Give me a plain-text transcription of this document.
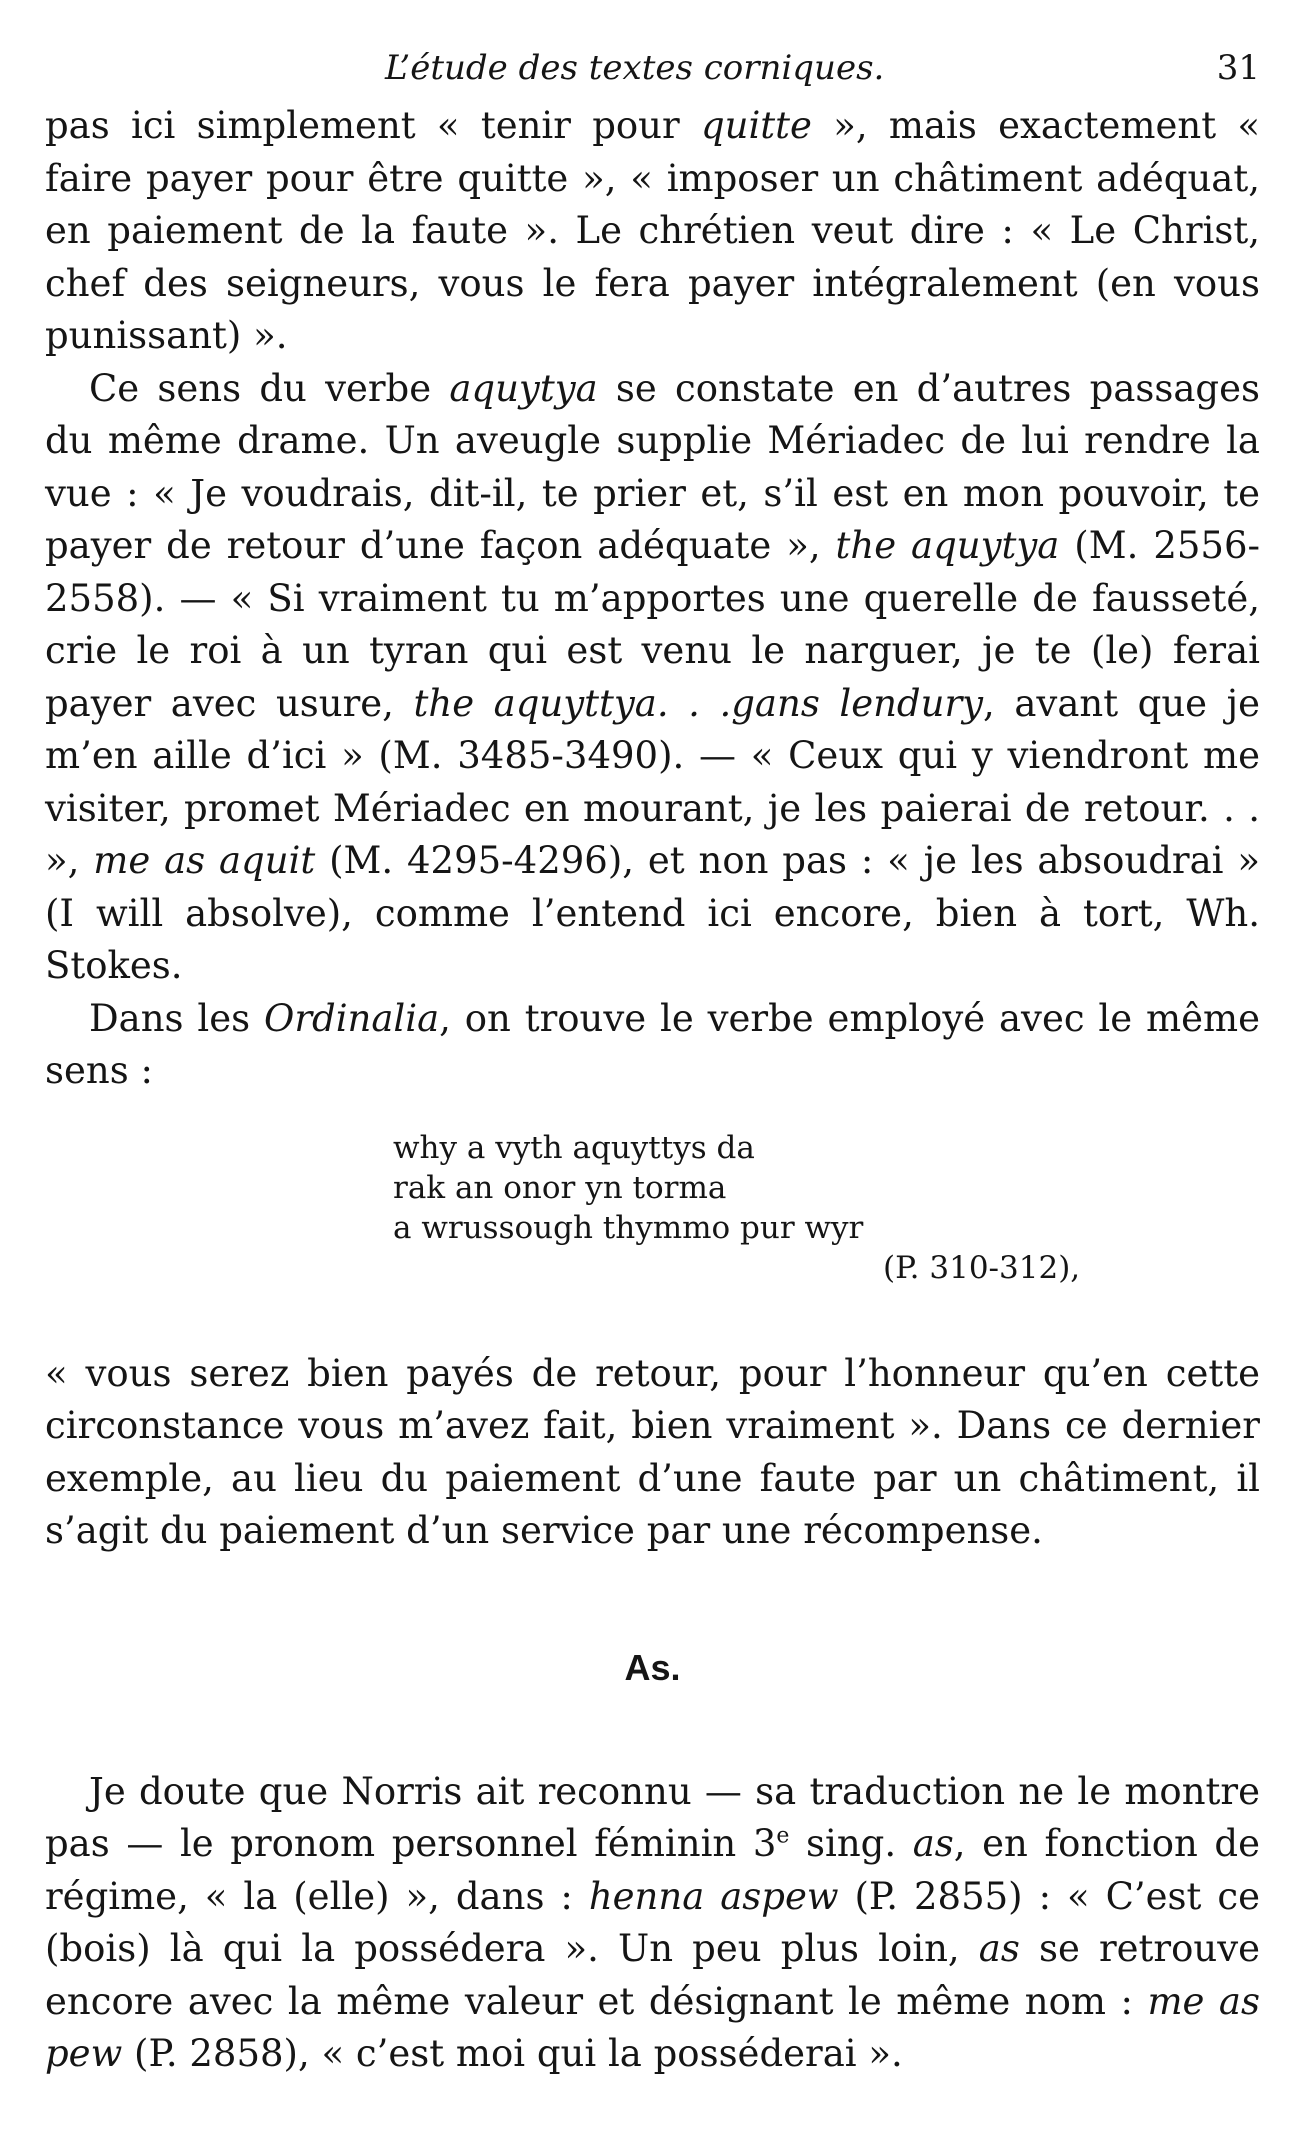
L’étude des textes corniques.	31

pas ici simplement « tenir pour quitte », mais exactement « faire payer pour être quitte », « imposer un châtiment adéquat, en paiement de la faute ». Le chrétien veut dire : « Le Christ, chef des seigneurs, vous le fera payer intégralement (en vous punissant) ».

Ce sens du verbe aquytya se constate en d’autres passages du même drame. Un aveugle supplie Mériadec de lui rendre la vue : « Je voudrais, dit-il, te prier et, s’il est en mon pouvoir, te payer de retour d’une façon adéquate », the aquytya (M. 2556-2558). — « Si vraiment tu m’apportes une querelle de fausseté, crie le roi à un tyran qui est venu le narguer, je te (le) ferai payer avec usure, the aquyttya. . .gans lendury, avant que je m’en aille d’ici » (M. 3485-3490). — « Ceux qui y viendront me visiter, promet Mériadec en mourant, je les paierai de retour. . . », me as aquit (M. 4295-4296), et non pas : « je les absoudrai » (I will absolve), comme l’entend ici encore, bien à tort, Wh. Stokes.

Dans les Ordinalia, on trouve le verbe employé avec le même sens :

why a vyth aquyttys da
rak an onor yn torma
a wrussough thymmo pur wyr
(P. 310-312),

« vous serez bien payés de retour, pour l’honneur qu’en cette circonstance vous m’avez fait, bien vraiment ». Dans ce dernier exemple, au lieu du paiement d’une faute par un châtiment, il s’agit du paiement d’un service par une récompense.

As.

Je doute que Norris ait reconnu — sa traduction ne le montre pas — le pronom personnel féminin 3e sing. as, en fonction de régime, « la (elle) », dans : henna aspew (P. 2855) : « C’est ce (bois) là qui la possédera ». Un peu plus loin, as se retrouve encore avec la même valeur et désignant le même nom : me as pew (P. 2858), « c’est moi qui la posséderai ».
